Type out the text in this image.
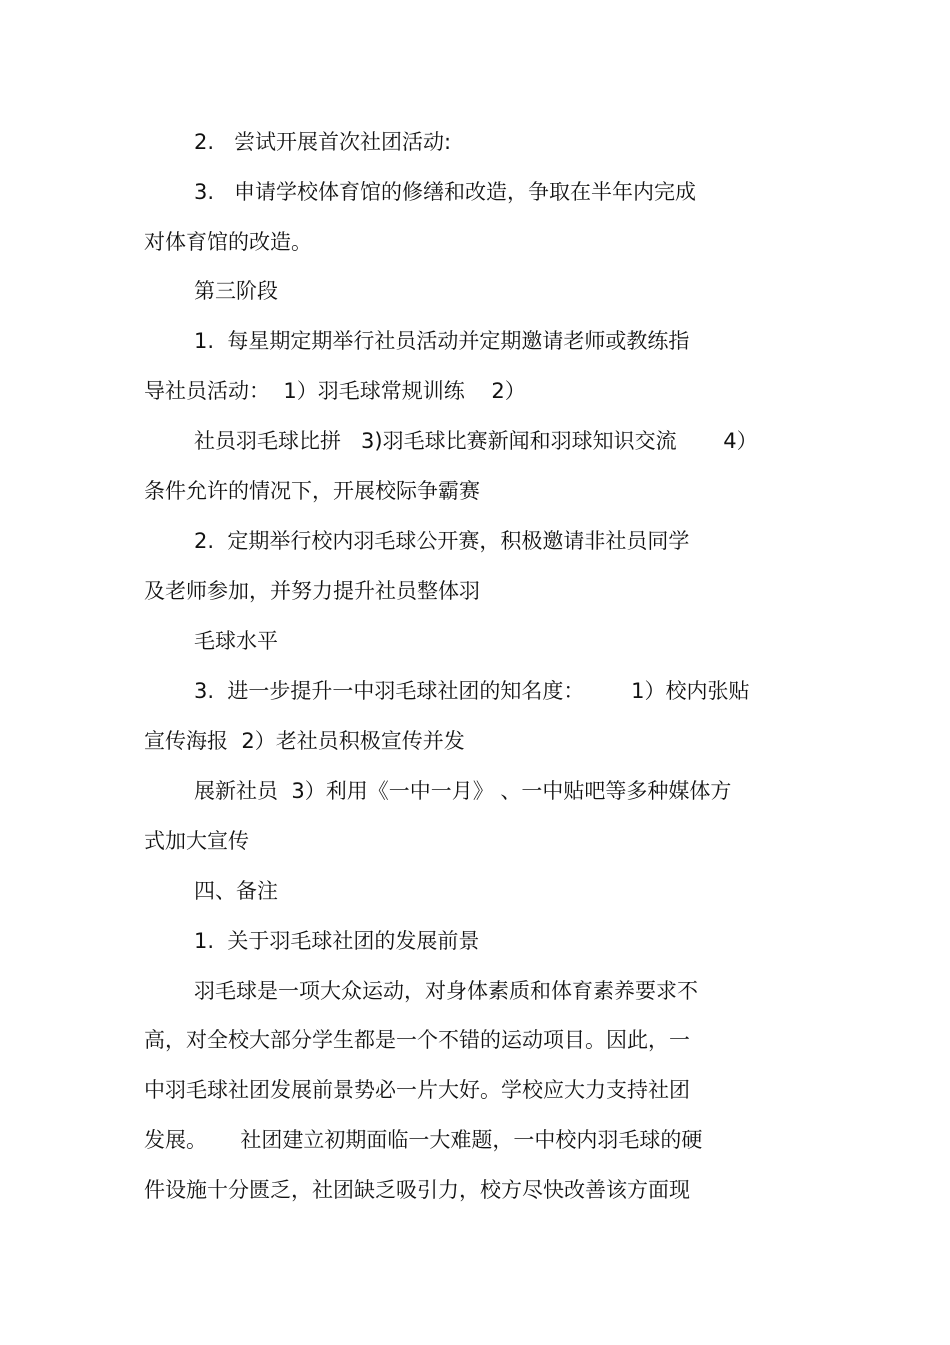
2.   尝试开展首次社团活动:

3.   申请学校体育馆的修缮和改造，争取在半年内完成

对体育馆的改造。

第三阶段

1.  每星期定期举行社员活动并定期邀请老师或教练指

导社员活动：  1）羽毛球常规训练    2）

社员羽毛球比拼   3)羽毛球比赛新闻和羽球知识交流       4）

条件允许的情况下，开展校际争霸赛

2.  定期举行校内羽毛球公开赛，积极邀请非社员同学

及老师参加，并努力提升社员整体羽

毛球水平

3.  进一步提升一中羽毛球社团的知名度：       1）校内张贴

宣传海报  2）老社员积极宣传并发

展新社员  3）利用《一中一月》 、一中贴吧等多种媒体方

式加大宣传

四、备注

1.  关于羽毛球社团的发展前景

羽毛球是一项大众运动，对身体素质和体育素养要求不

高，对全校大部分学生都是一个不错的运动项目。因此，一

中羽毛球社团发展前景势必一片大好。学校应大力支持社团

发展。     社团建立初期面临一大难题，一中校内羽毛球的硬

件设施十分匮乏，社团缺乏吸引力，校方尽快改善该方面现
